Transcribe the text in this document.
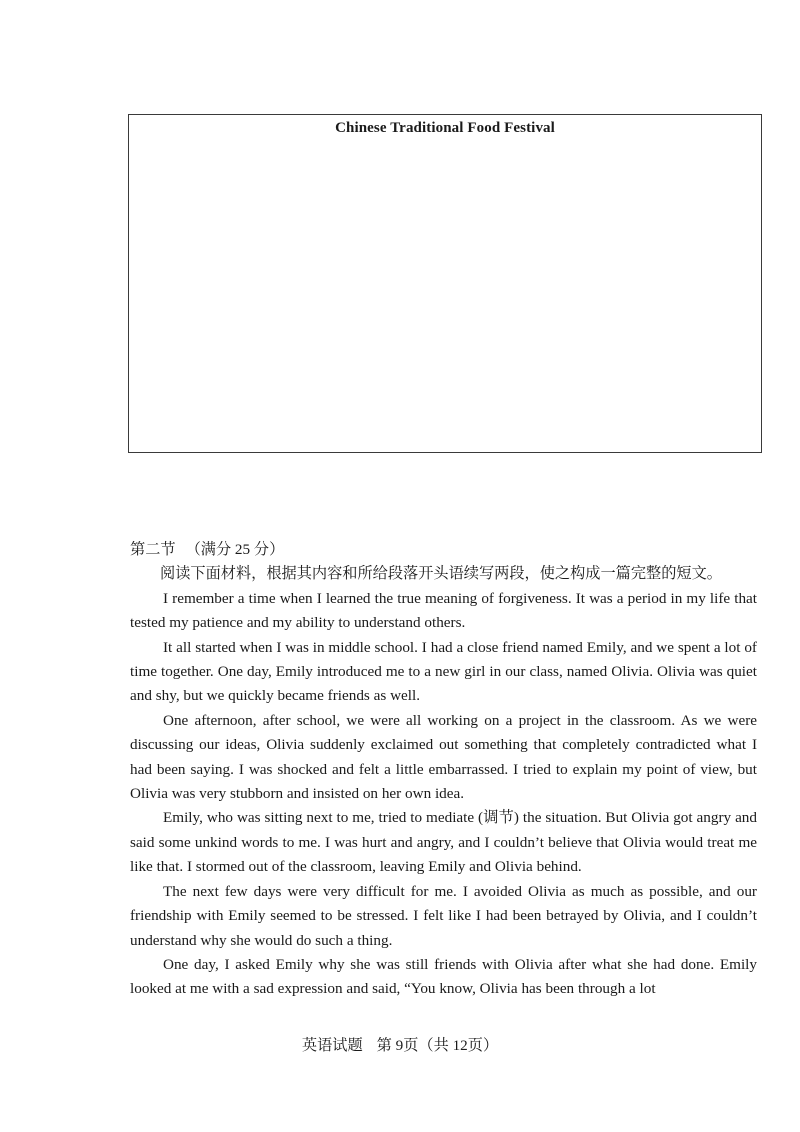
Chinese Traditional Food Festival

第二节 （满分 25 分）

阅读下面材料，根据其内容和所给段落开头语续写两段，使之构成一篇完整的短文。

I remember a time when I learned the true meaning of forgiveness. It was a period in my life that tested my patience and my ability to understand others.

It all started when I was in middle school. I had a close friend named Emily, and we spent a lot of time together. One day, Emily introduced me to a new girl in our class, named Olivia. Olivia was quiet and shy, but we quickly became friends as well.

One afternoon, after school, we were all working on a project in the classroom. As we were discussing our ideas, Olivia suddenly exclaimed out something that completely contradicted what I had been saying. I was shocked and felt a little embarrassed. I tried to explain my point of view, but Olivia was very stubborn and insisted on her own idea.

Emily, who was sitting next to me, tried to mediate (调节) the situation. But Olivia got angry and said some unkind words to me. I was hurt and angry, and I couldn’t believe that Olivia would treat me like that. I stormed out of the classroom, leaving Emily and Olivia behind.

The next few days were very difficult for me. I avoided Olivia as much as possible, and our friendship with Emily seemed to be stressed. I felt like I had been betrayed by Olivia, and I couldn’t understand why she would do such a thing.

One day, I asked Emily why she was still friends with Olivia after what she had done. Emily looked at me with a sad expression and said, “You know, Olivia has been through a lot

英语试题 第 9页（共 12页）
